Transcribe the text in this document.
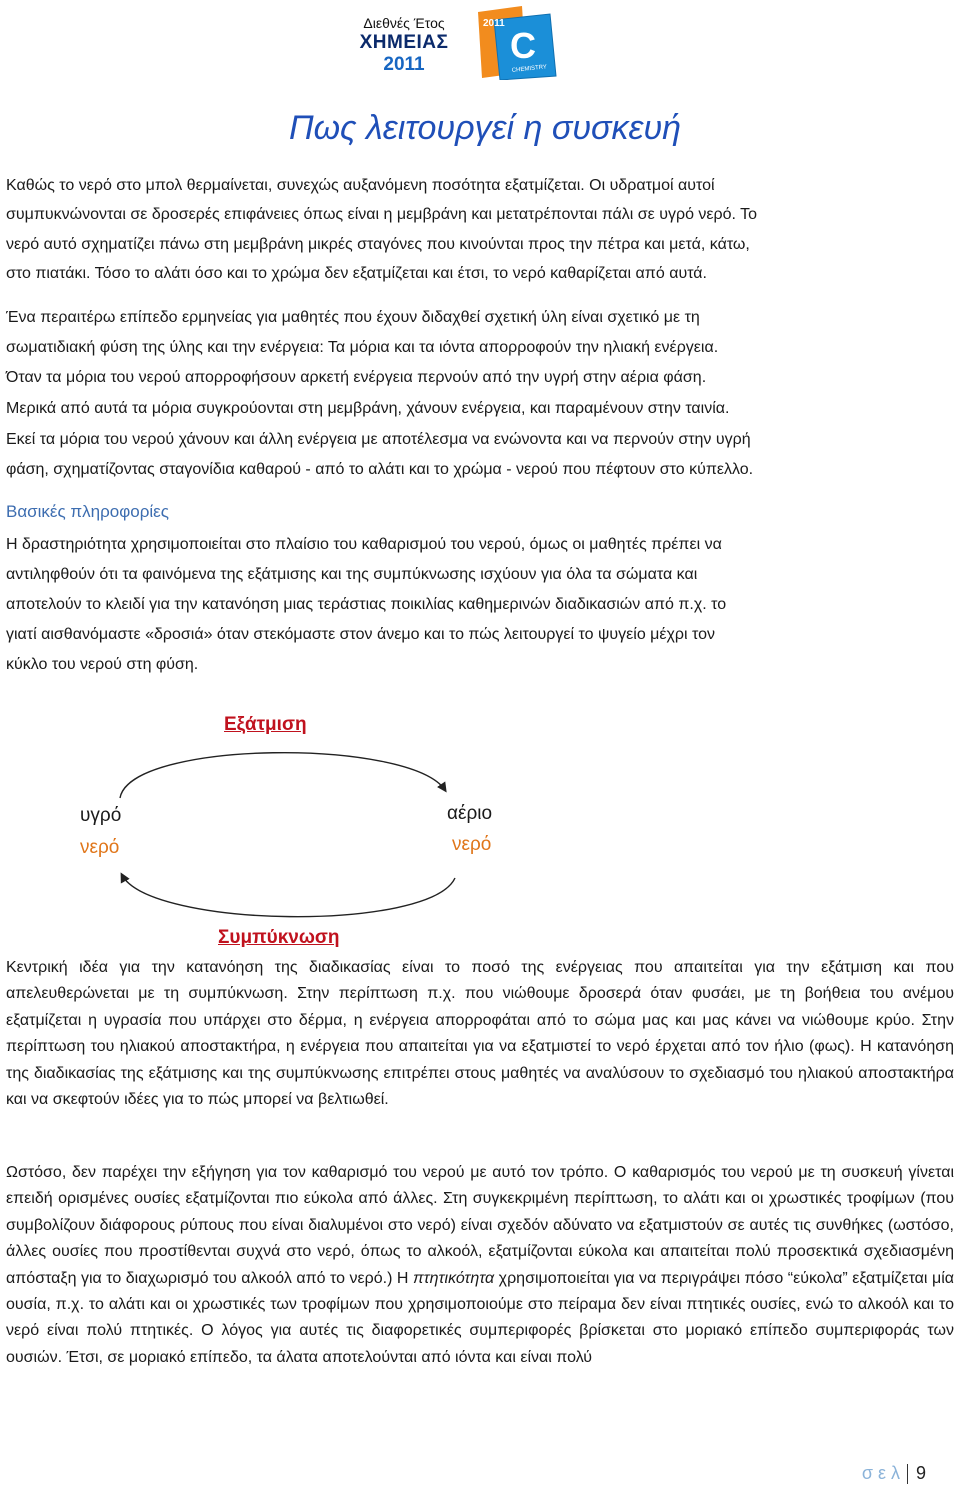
Διεθνές Έτος
ΧΗΜΕΙΑΣ
2011
2011
C
CHEMISTRY
Πως λειτουργεί η συσκευή

Καθώς το νερό στο μπολ θερμαίνεται, συνεχώς αυξανόμενη ποσότητα εξατμίζεται. Οι υδρατμοί αυτοί

συμπυκνώνονται σε δροσερές επιφάνειες όπως είναι η μεμβράνη και μετατρέπονται πάλι σε υγρό νερό. Το

νερό αυτό σχηματίζει πάνω στη μεμβράνη μικρές σταγόνες που κινούνται προς την πέτρα και μετά, κάτω,

στο πιατάκι. Τόσο το αλάτι όσο και το χρώμα δεν εξατμίζεται και έτσι, το νερό καθαρίζεται από αυτά.

Ένα περαιτέρω επίπεδο ερμηνείας για μαθητές που έχουν διδαχθεί σχετική ύλη είναι σχετικό με τη

σωματιδιακή φύση της ύλης και την ενέργεια: Τα μόρια και τα ιόντα απορροφούν την ηλιακή ενέργεια.

Όταν τα μόρια του νερού απορροφήσουν αρκετή ενέργεια περνούν από την υγρή στην αέρια φάση.

Μερικά από αυτά τα μόρια συγκρούονται στη μεμβράνη, χάνουν ενέργεια, και παραμένουν στην ταινία.

Εκεί τα μόρια του νερού χάνουν και άλλη ενέργεια με αποτέλεσμα να ενώνοντα και να περνούν στην υγρή

φάση, σχηματίζοντας σταγονίδια καθαρού - από το αλάτι και το χρώμα - νερού που πέφτουν στο κύπελλο.

Βασικές πληροφορίες

Η δραστηριότητα χρησιμοποιείται στο πλαίσιο του καθαρισμού του νερού, όμως οι μαθητές πρέπει να

αντιληφθούν ότι τα φαινόμενα της εξάτμισης και της συμπύκνωσης ισχύουν για όλα τα σώματα και

αποτελούν το κλειδί για την κατανόηση μιας τεράστιας ποικιλίας καθημερινών διαδικασιών από π.χ. το

γιατί αισθανόμαστε «δροσιά» όταν στεκόμαστε στον άνεμο και το πώς λειτουργεί το ψυγείο μέχρι τον

κύκλο του νερού στη φύση.

Εξάτμιση
υγρό
νερό
αέριο
νερό
Συμπύκνωση

Κεντρική ιδέα για την κατανόηση της διαδικασίας είναι το ποσό της ενέργειας που απαιτείται για την εξάτμιση και που απελευθερώνεται με τη συμπύκνωση. Στην περίπτωση π.χ. που νιώθουμε δροσερά όταν φυσάει, με τη βοήθεια του ανέμου εξατμίζεται η υγρασία που υπάρχει στο δέρμα, η ενέργεια απορροφάται από το σώμα μας και μας κάνει να νιώθουμε κρύο. Στην περίπτωση του ηλιακού αποστακτήρα, η ενέργεια που απαιτείται για να εξατμιστεί το νερό έρχεται από τον ήλιο (φως). Η κατανόηση της διαδικασίας της εξάτμισης και της συμπύκνωσης επιτρέπει στους μαθητές να αναλύσουν το σχεδιασμό του ηλιακού αποστακτήρα και να σκεφτούν ιδέες για το πώς μπορεί να βελτιωθεί.

Ωστόσο, δεν παρέχει την εξήγηση για τον καθαρισμό του νερού με αυτό τον τρόπο. Ο καθαρισμός του νερού με τη συσκευή γίνεται επειδή ορισμένες ουσίες εξατμίζονται πιο εύκολα από άλλες. Στη συγκεκριμένη περίπτωση, το αλάτι και οι χρωστικές τροφίμων (που συμβολίζουν διάφορους ρύπους που είναι διαλυμένοι στο νερό) είναι σχεδόν αδύνατο να εξατμιστούν σε αυτές τις συνθήκες (ωστόσο, άλλες ουσίες που προστίθενται συχνά στο νερό, όπως το αλκοόλ, εξατμίζονται εύκολα και απαιτείται πολύ προσεκτικά σχεδιασμένη απόσταξη για το διαχωρισμό του αλκοόλ από το νερό.) Η πτητικότητα χρησιμοποιείται για να περιγράψει πόσο “εύκολα” εξατμίζεται μία ουσία, π.χ. το αλάτι και οι χρωστικές των τροφίμων που χρησιμοποιούμε στο πείραμα δεν είναι πτητικές ουσίες, ενώ το αλκοόλ και το νερό είναι πολύ πτητικές. Ο λόγος για αυτές τις διαφορετικές συμπεριφορές βρίσκεται στο μοριακό επίπεδο συμπεριφοράς των ουσιών. Έτσι, σε μοριακό επίπεδο, τα άλατα αποτελούνται από ιόντα και είναι πολύ

σελ 9
